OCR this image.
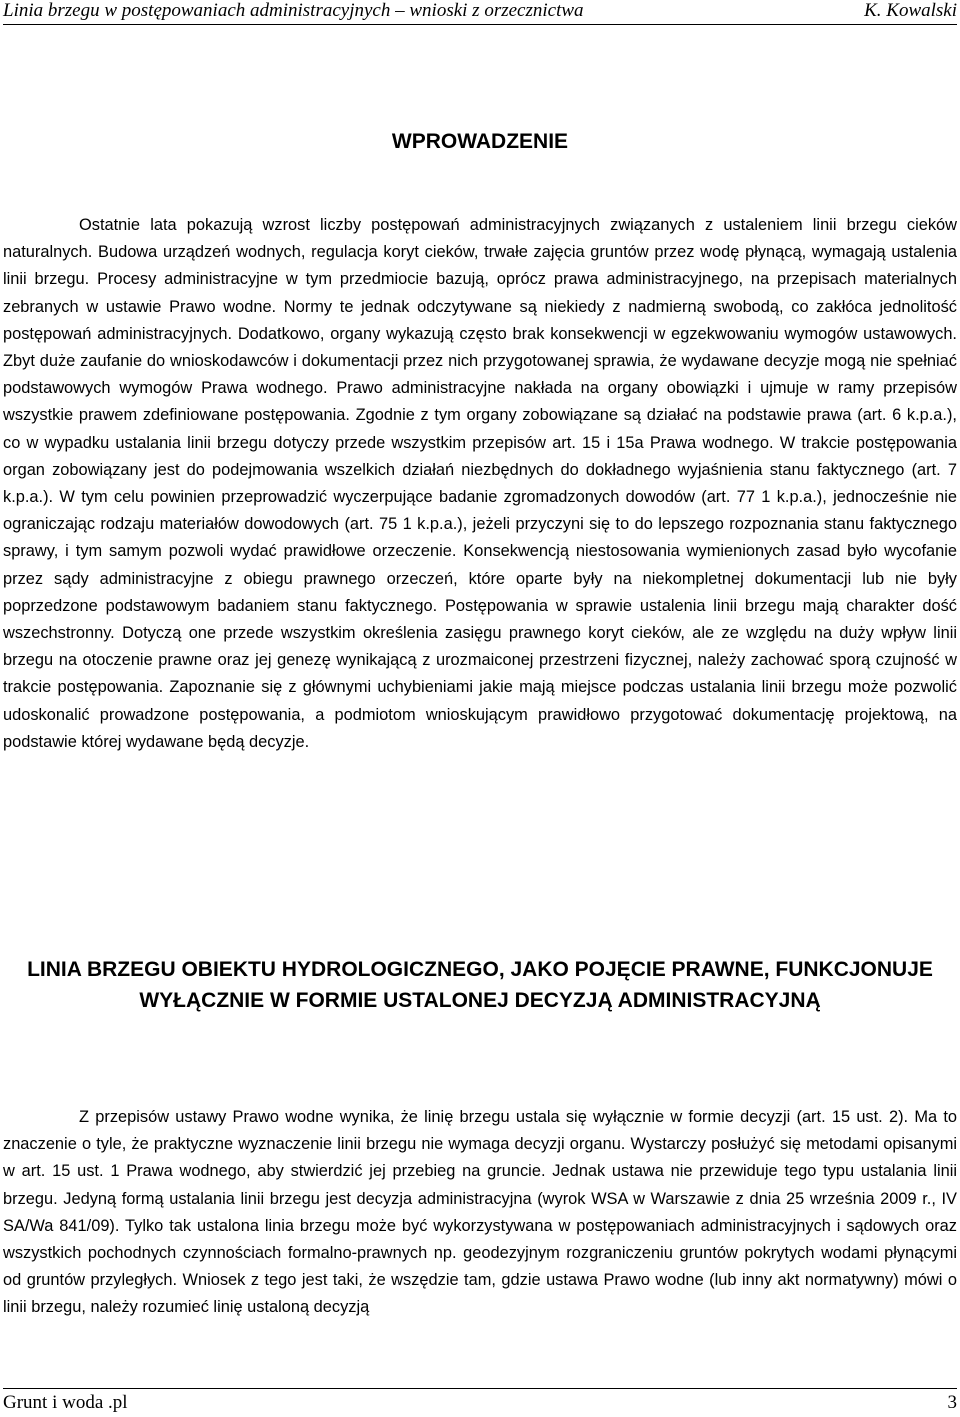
Linia brzegu w postępowaniach administracyjnych – wnioski z orzecznictwa	K. Kowalski
WPROWADZENIE

Ostatnie lata pokazują wzrost liczby postępowań administracyjnych związanych z ustaleniem linii brzegu cieków naturalnych. Budowa urządzeń wodnych, regulacja koryt cieków, trwałe zajęcia gruntów przez wodę płynącą, wymagają ustalenia linii brzegu. Procesy administracyjne w tym przedmiocie bazują, oprócz prawa administracyjnego, na przepisach materialnych zebranych w ustawie Prawo wodne. Normy te jednak odczytywane są niekiedy z nadmierną swobodą, co zakłóca jednolitość postępowań administracyjnych. Dodatkowo, organy wykazują często brak konsekwencji w egzekwowaniu wymogów ustawowych. Zbyt duże zaufanie do wnioskodawców i dokumentacji przez nich przygotowanej sprawia, że wydawane decyzje mogą nie spełniać podstawowych wymogów Prawa wodnego. Prawo administracyjne nakłada na organy obowiązki i ujmuje w ramy przepisów wszystkie prawem zdefiniowane postępowania. Zgodnie z tym organy zobowiązane są działać na podstawie prawa (art. 6 k.p.a.), co w wypadku ustalania linii brzegu dotyczy przede wszystkim przepisów art. 15 i 15a Prawa wodnego. W trakcie postępowania organ zobowiązany jest do podejmowania wszelkich działań niezbędnych do dokładnego wyjaśnienia stanu faktycznego (art. 7 k.p.a.). W tym celu powinien przeprowadzić wyczerpujące badanie zgromadzonych dowodów (art. 77 1 k.p.a.), jednocześnie nie ograniczając rodzaju materiałów dowodowych (art. 75 1 k.p.a.), jeżeli przyczyni się to do lepszego rozpoznania stanu faktycznego sprawy, i tym samym pozwoli wydać prawidłowe orzeczenie. Konsekwencją niestosowania wymienionych zasad było wycofanie przez sądy administracyjne z obiegu prawnego orzeczeń, które oparte były na niekompletnej dokumentacji lub nie były poprzedzone podstawowym badaniem stanu faktycznego. Postępowania w sprawie ustalenia linii brzegu mają charakter dość wszechstronny. Dotyczą one przede wszystkim określenia zasięgu prawnego koryt cieków, ale ze względu na duży wpływ linii brzegu na otoczenie prawne oraz jej genezę wynikającą z urozmaiconej przestrzeni fizycznej, należy zachować sporą czujność w trakcie postępowania. Zapoznanie się z głównymi uchybieniami jakie mają miejsce podczas ustalania linii brzegu może pozwolić udoskonalić prowadzone postępowania, a podmiotom wnioskującym prawidłowo przygotować dokumentację projektową, na podstawie której wydawane będą decyzje.

LINIA BRZEGU OBIEKTU HYDROLOGICZNEGO, JAKO POJĘCIE PRAWNE, FUNKCJONUJE WYŁĄCZNIE W FORMIE USTALONEJ DECYZJĄ ADMINISTRACYJNĄ

Z przepisów ustawy Prawo wodne wynika, że linię brzegu ustala się wyłącznie w formie decyzji (art. 15 ust. 2). Ma to znaczenie o tyle, że praktyczne wyznaczenie linii brzegu nie wymaga decyzji organu. Wystarczy posłużyć się metodami opisanymi w art. 15 ust. 1 Prawa wodnego, aby stwierdzić jej przebieg na gruncie. Jednak ustawa nie przewiduje tego typu ustalania linii brzegu. Jedyną formą ustalania linii brzegu jest decyzja administracyjna (wyrok WSA w Warszawie z dnia 25 września 2009 r., IV SA/Wa 841/09). Tylko tak ustalona linia brzegu może być wykorzystywana w postępowaniach administracyjnych i sądowych oraz wszystkich pochodnych czynnościach formalno-prawnych np. geodezyjnym rozgraniczeniu gruntów pokrytych wodami płynącymi od gruntów przyległych. Wniosek z tego jest taki, że wszędzie tam, gdzie ustawa Prawo wodne (lub inny akt normatywny) mówi o linii brzegu, należy rozumieć linię ustaloną decyzją

Grunt i woda .pl	3
